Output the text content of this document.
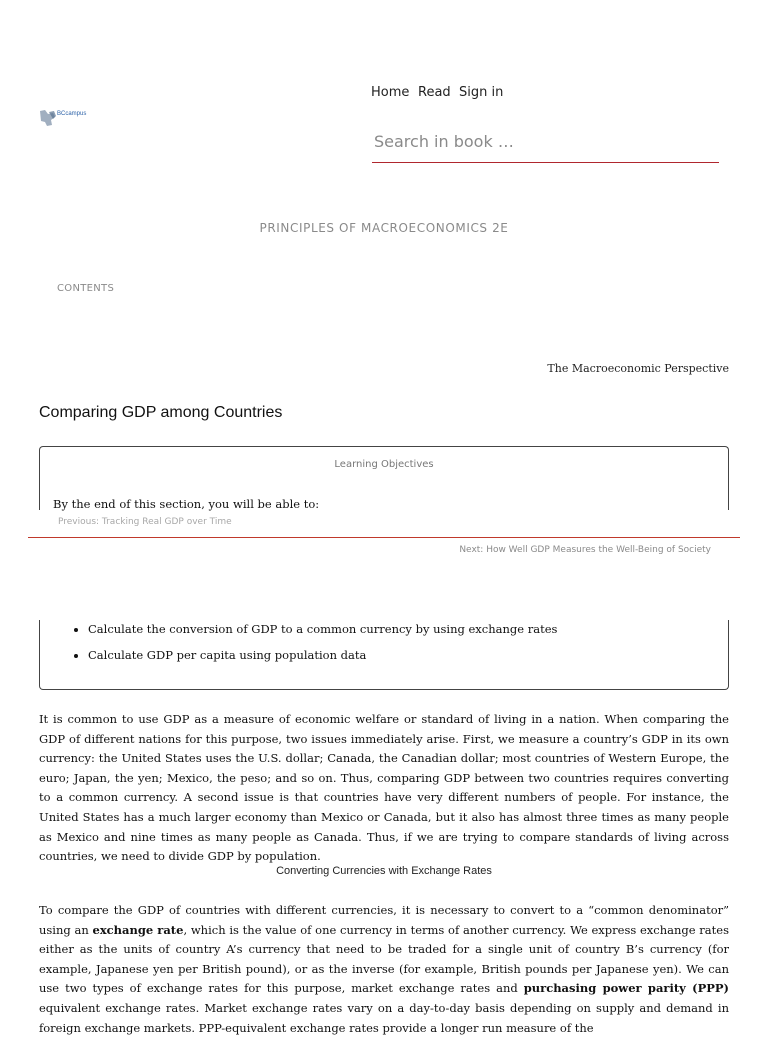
BCcampus
Home Read Sign in
Search in book …
PRINCIPLES OF MACROECONOMICS 2E
CONTENTS
The Macroeconomic Perspective
Comparing GDP among Countries
Learning Objectives
By the end of this section, you will be able to:
• Calculate the conversion of GDP to a common currency by using exchange rates
• Calculate GDP per capita using population data
Previous: Tracking Real GDP over Time
Next: How Well GDP Measures the Well-Being of Society

It is common to use GDP as a measure of economic welfare or standard of living in a nation. When comparing the GDP of different nations for this purpose, two issues immediately arise. First, we measure a country’s GDP in its own currency: the United States uses the U.S. dollar; Canada, the Canadian dollar; most countries of Western Europe, the euro; Japan, the yen; Mexico, the peso; and so on. Thus, comparing GDP between two countries requires converting to a common currency. A second issue is that countries have very different numbers of people. For instance, the United States has a much larger economy than Mexico or Canada, but it also has almost three times as many people as Mexico and nine times as many people as Canada. Thus, if we are trying to compare standards of living across countries, we need to divide GDP by population.

Converting Currencies with Exchange Rates

To compare the GDP of countries with different currencies, it is necessary to convert to a “common denominator” using an exchange rate, which is the value of one currency in terms of another currency. We express exchange rates either as the units of country A’s currency that need to be traded for a single unit of country B’s currency (for example, Japanese yen per British pound), or as the inverse (for example, British pounds per Japanese yen). We can use two types of exchange rates for this purpose, market exchange rates and purchasing power parity (PPP) equivalent exchange rates. Market exchange rates vary on a day-to-day basis depending on supply and demand in foreign exchange markets. PPP-equivalent exchange rates provide a longer run measure of the
